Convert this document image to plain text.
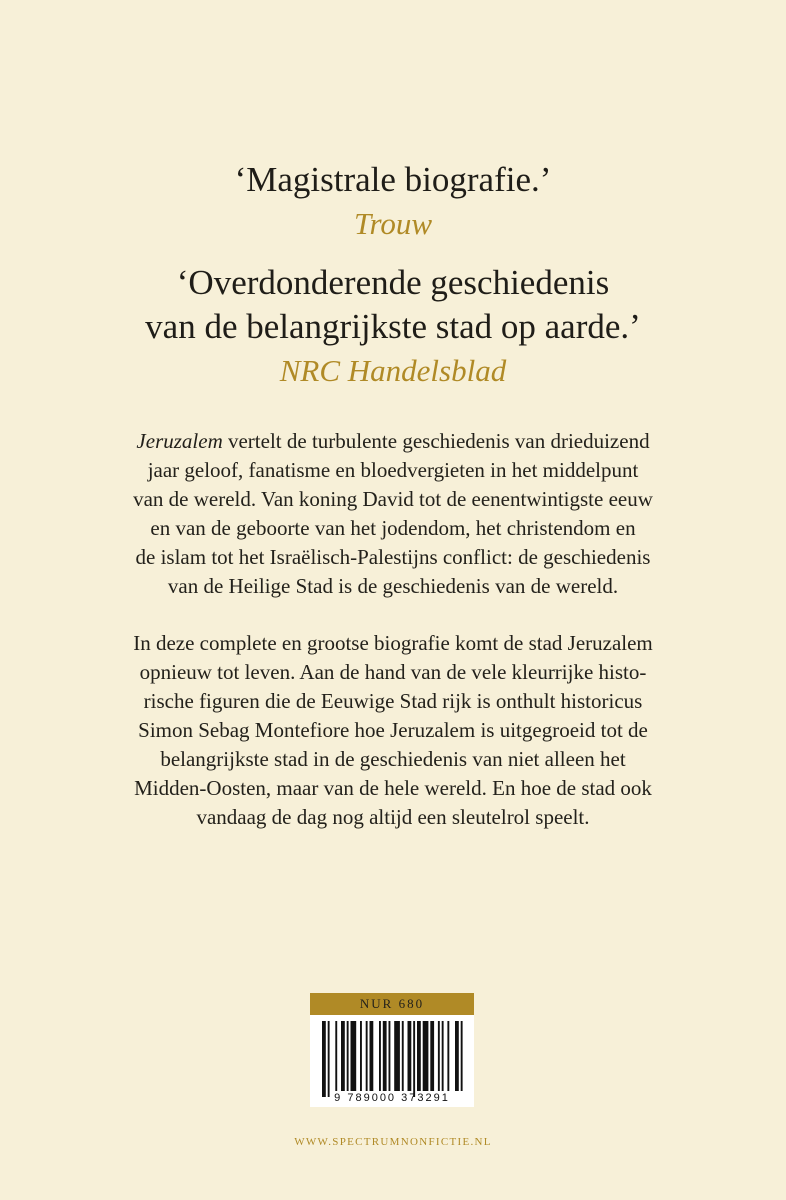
‘Magistrale biografie.’
Trouw
‘Overdonderende geschiedenis
van de belangrijkste stad op aarde.’
NRC Handelsblad

Jeruzalem vertelt de turbulente geschiedenis van drieduizend
jaar geloof, fanatisme en bloedvergieten in het middelpunt
van de wereld. Van koning David tot de eenentwintigste eeuw
en van de geboorte van het jodendom, het christendom en
de islam tot het Israëlisch-Palestijns conflict: de geschiedenis
van de Heilige Stad is de geschiedenis van de wereld.

In deze complete en grootse biografie komt de stad Jeruzalem
opnieuw tot leven. Aan de hand van de vele kleurrijke histo-
rische figuren die de Eeuwige Stad rijk is onthult historicus
Simon Sebag Montefiore hoe Jeruzalem is uitgegroeid tot de
belangrijkste stad in de geschiedenis van niet alleen het
Midden-Oosten, maar van de hele wereld. En hoe de stad ook
vandaag de dag nog altijd een sleutelrol speelt.

NUR 680
9 789000 373291
WWW.SPECTRUMNONFICTIE.NL
